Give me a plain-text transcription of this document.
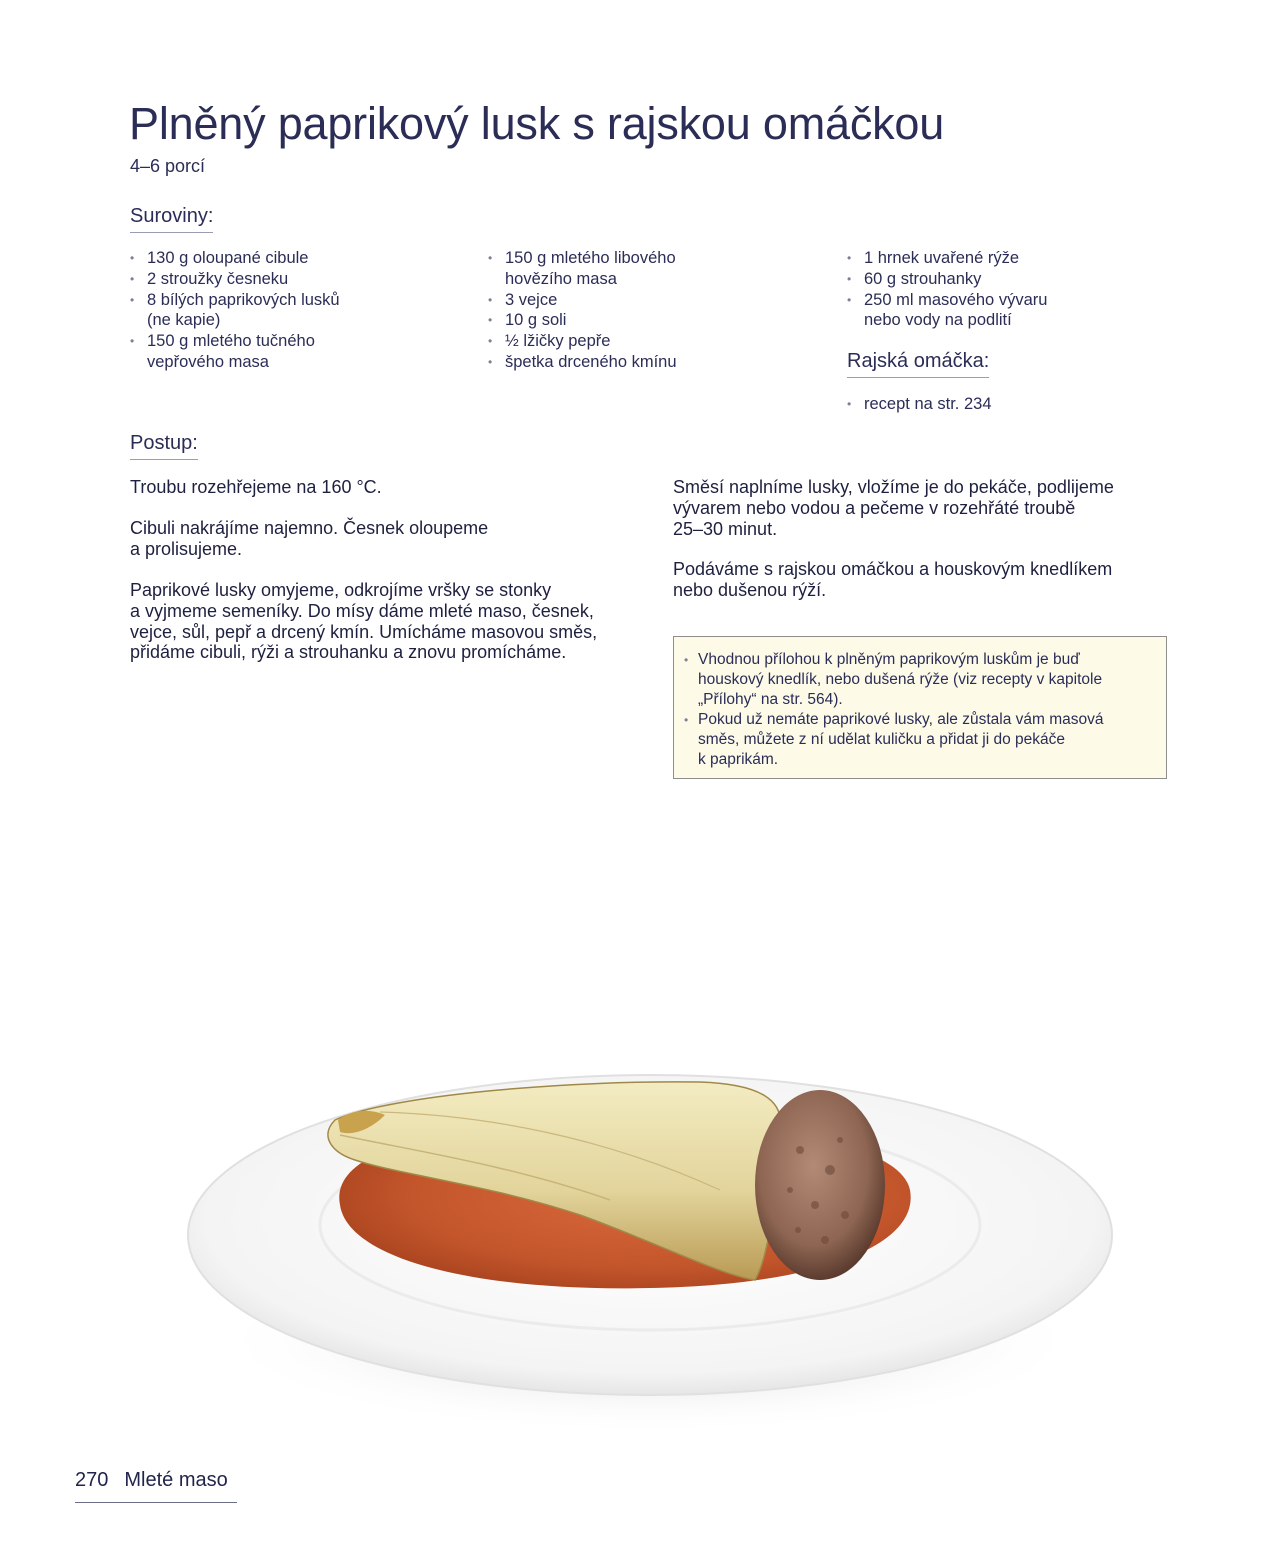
Plněný paprikový lusk s rajskou omáčkou
4–6 porcí
Suroviny:
• 130 g oloupané cibule
• 2 stroužky česneku
• 8 bílých paprikových lusků
(ne kapie)
• 150 g mletého tučného
vepřového masa
• 150 g mletého libového
hovězího masa
• 3 vejce
• 10 g soli
• ½ lžičky pepře
• špetka drceného kmínu
• 1 hrnek uvařené rýže
• 60 g strouhanky
• 250 ml masového vývaru
nebo vody na podlití
Rajská omáčka:
• recept na str. 234
Postup:
Troubu rozehřejeme na 160 °C.
Cibuli nakrájíme najemno. Česnek oloupeme
a prolisujeme.
Paprikové lusky omyjeme, odkrojíme vršky se stonky
a vyjmeme semeníky. Do mísy dáme mleté maso, česnek,
vejce, sůl, pepř a drcený kmín. Umícháme masovou směs,
přidáme cibuli, rýži a strouhanku a znovu promícháme.
Směsí naplníme lusky, vložíme je do pekáče, podlijeme
vývarem nebo vodou a pečeme v rozehřáté troubě
25–30 minut.
Podáváme s rajskou omáčkou a houskovým knedlíkem
nebo dušenou rýží.
• Vhodnou přílohou k plněným paprikovým luskům je buď
houskový knedlík, nebo dušená rýže (viz recepty v kapitole
„Přílohy“ na str. 564).
• Pokud už nemáte paprikové lusky, ale zůstala vám masová
směs, můžete z ní udělat kuličku a přidat ji do pekáče
k paprikám.
270 Mleté maso
